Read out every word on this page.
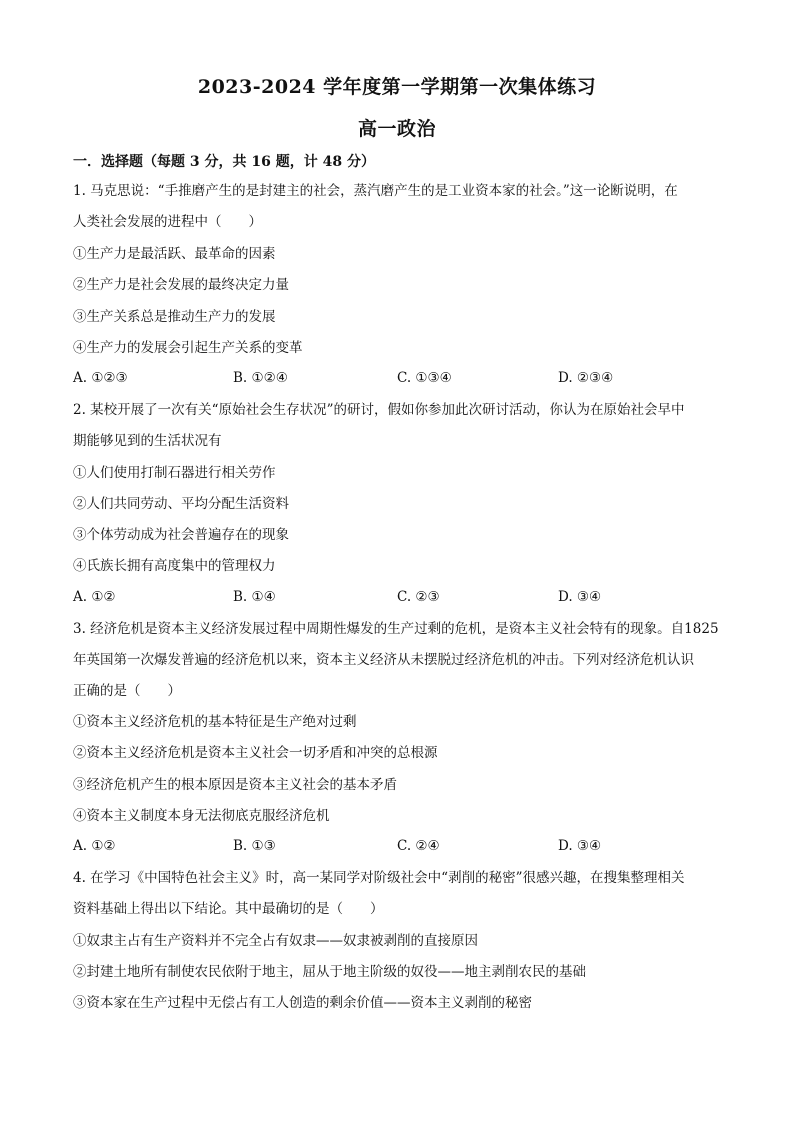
2023-2024 学年度第一学期第一次集体练习
高一政治
一．选择题（每题 3 分，共 16 题，计 48 分）
1. 马克思说：“手推磨产生的是封建主的社会，蒸汽磨产生的是工业资本家的社会。”这一论断说明，在
人类社会发展的进程中（　　）
①生产力是最活跃、最革命的因素
②生产力是社会发展的最终决定力量
③生产关系总是推动生产力的发展
④生产力的发展会引起生产关系的变革
A. ①②③	B. ①②④	C. ①③④	D. ②③④
2. 某校开展了一次有关“原始社会生存状况”的研讨，假如你参加此次研讨活动，你认为在原始社会早中
期能够见到的生活状况有
①人们使用打制石器进行相关劳作
②人们共同劳动、平均分配生活资料
③个体劳动成为社会普遍存在的现象
④氏族长拥有高度集中的管理权力
A. ①②	B. ①④	C. ②③	D. ③④
3. 经济危机是资本主义经济发展过程中周期性爆发的生产过剩的危机，是资本主义社会特有的现象。自1825
年英国第一次爆发普遍的经济危机以来，资本主义经济从未摆脱过经济危机的冲击。下列对经济危机认识
正确的是（　　）
①资本主义经济危机的基本特征是生产绝对过剩
②资本主义经济危机是资本主义社会一切矛盾和冲突的总根源
③经济危机产生的根本原因是资本主义社会的基本矛盾
④资本主义制度本身无法彻底克服经济危机
A. ①②	B. ①③	C. ②④	D. ③④
4. 在学习《中国特色社会主义》时，高一某同学对阶级社会中“剥削的秘密”很感兴趣，在搜集整理相关
资料基础上得出以下结论。其中最确切的是（　　）
①奴隶主占有生产资料并不完全占有奴隶——奴隶被剥削的直接原因
②封建土地所有制使农民依附于地主，屈从于地主阶级的奴役——地主剥削农民的基础
③资本家在生产过程中无偿占有工人创造的剩余价值——资本主义剥削的秘密
